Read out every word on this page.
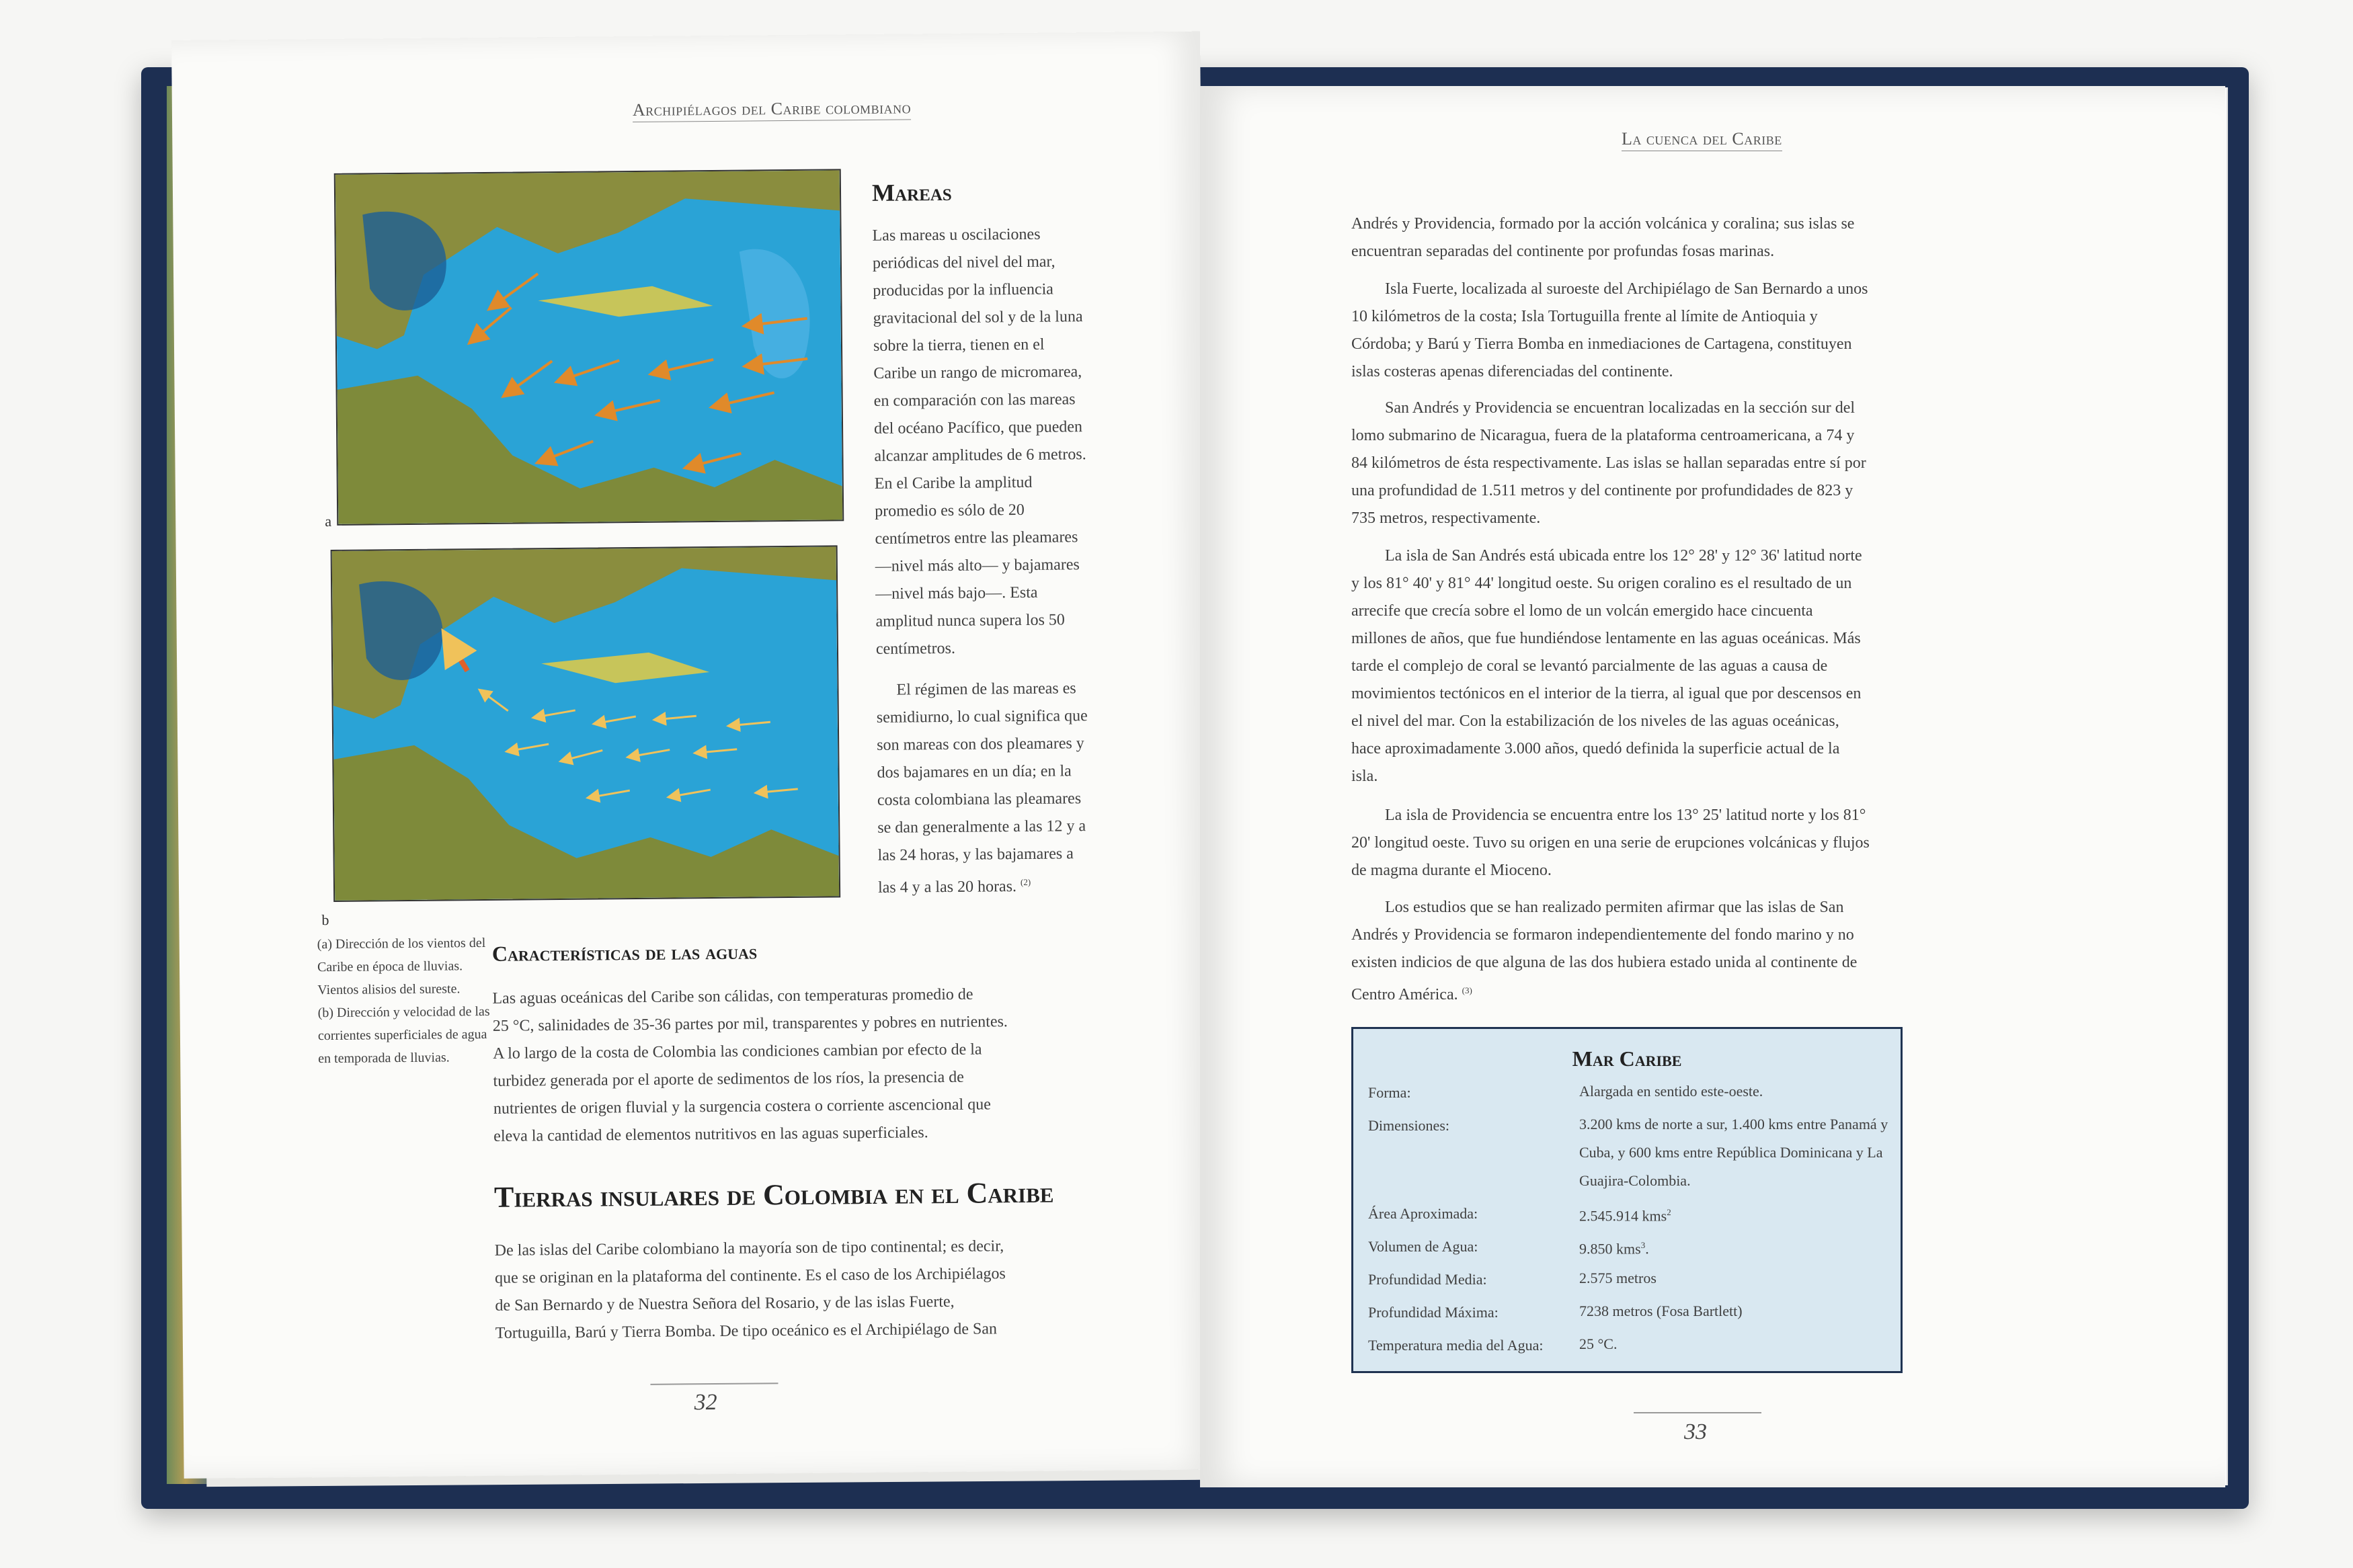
Archipiélagos del Caribe colombiano
a
b
(a) Dirección de los vientos del
Caribe en época de lluvias.
Vientos alisios del sureste.
(b) Dirección y velocidad de las
corrientes superficiales de agua
en temporada de lluvias.
Mareas

Las mareas u oscilaciones

periódicas del nivel del mar,

producidas por la influencia

gravitacional del sol y de la luna

sobre la tierra, tienen en el

Caribe un rango de micromarea,

en comparación con las mareas

del océano Pacífico, que pueden

alcanzar amplitudes de 6 metros.

En el Caribe la amplitud

promedio es sólo de 20

centímetros entre las pleamares

—nivel más alto— y bajamares

—nivel más bajo—. Esta

amplitud nunca supera los 50

centímetros.

El régimen de las mareas es

semidiurno, lo cual significa que

son mareas con dos pleamares y

dos bajamares en un día; en la

costa colombiana las pleamares

se dan generalmente a las 12 y a

las 24 horas, y las bajamares a

las 4 y a las 20 horas. $^{(2)}$

Características de las aguas

Las aguas oceánicas del Caribe son cálidas, con temperaturas promedio de

25 °C, salinidades de 35-36 partes por mil, transparentes y pobres en nutrientes.

A lo largo de la costa de Colombia las condiciones cambian por efecto de la

turbidez generada por el aporte de sedimentos de los ríos, la presencia de

nutrientes de origen fluvial y la surgencia costera o corriente ascencional que

eleva la cantidad de elementos nutritivos en las aguas superficiales.

Tierras insulares de Colombia en el Caribe

De las islas del Caribe colombiano la mayoría son de tipo continental; es decir,

que se originan en la plataforma del continente. Es el caso de los Archipiélagos

de San Bernardo y de Nuestra Señora del Rosario, y de las islas Fuerte,

Tortuguilla, Barú y Tierra Bomba. De tipo oceánico es el Archipiélago de San

32
La cuenca del Caribe

Andrés y Providencia, formado por la acción volcánica y coralina; sus islas se

encuentran separadas del continente por profundas fosas marinas.

Isla Fuerte, localizada al suroeste del Archipiélago de San Bernardo a unos

10 kilómetros de la costa; Isla Tortuguilla frente al límite de Antioquia y

Córdoba; y Barú y Tierra Bomba en inmediaciones de Cartagena, constituyen

islas costeras apenas diferenciadas del continente.

San Andrés y Providencia se encuentran localizadas en la sección sur del

lomo submarino de Nicaragua, fuera de la plataforma centroamericana, a 74 y

84 kilómetros de ésta respectivamente. Las islas se hallan separadas entre sí por

una profundidad de 1.511 metros y del continente por profundidades de 823 y

735 metros, respectivamente.

La isla de San Andrés está ubicada entre los 12° 28' y 12° 36' latitud norte

y los 81° 40' y 81° 44' longitud oeste. Su origen coralino es el resultado de un

arrecife que crecía sobre el lomo de un volcán emergido hace cincuenta

millones de años, que fue hundiéndose lentamente en las aguas oceánicas. Más

tarde el complejo de coral se levantó parcialmente de las aguas a causa de

movimientos tectónicos en el interior de la tierra, al igual que por descensos en

el nivel del mar. Con la estabilización de los niveles de las aguas oceánicas,

hace aproximadamente 3.000 años, quedó definida la superficie actual de la

isla.

La isla de Providencia se encuentra entre los 13° 25' latitud norte y los 81°

20' longitud oeste. Tuvo su origen en una serie de erupciones volcánicas y flujos

de magma durante el Mioceno.

Los estudios que se han realizado permiten afirmar que las islas de San

Andrés y Providencia se formaron independientemente del fondo marino y no

existen indicios de que alguna de las dos hubiera estado unida al continente de

Centro América. $^{(3)}$

Mar Caribe
Forma:	Alargada en sentido este-oeste.
Dimensiones:	3.200 kms de norte a sur, 1.400 kms entre Panamá y Cuba, y 600 kms entre República Dominicana y La Guajira-Colombia.
Área Aproximada:	2.545.914 kms$^2$
Volumen de Agua:	9.850 kms$^3$.
Profundidad Media:	2.575 metros
Profundidad Máxima:	7238 metros (Fosa Bartlett)
Temperatura media del Agua: 25 °C.
33
